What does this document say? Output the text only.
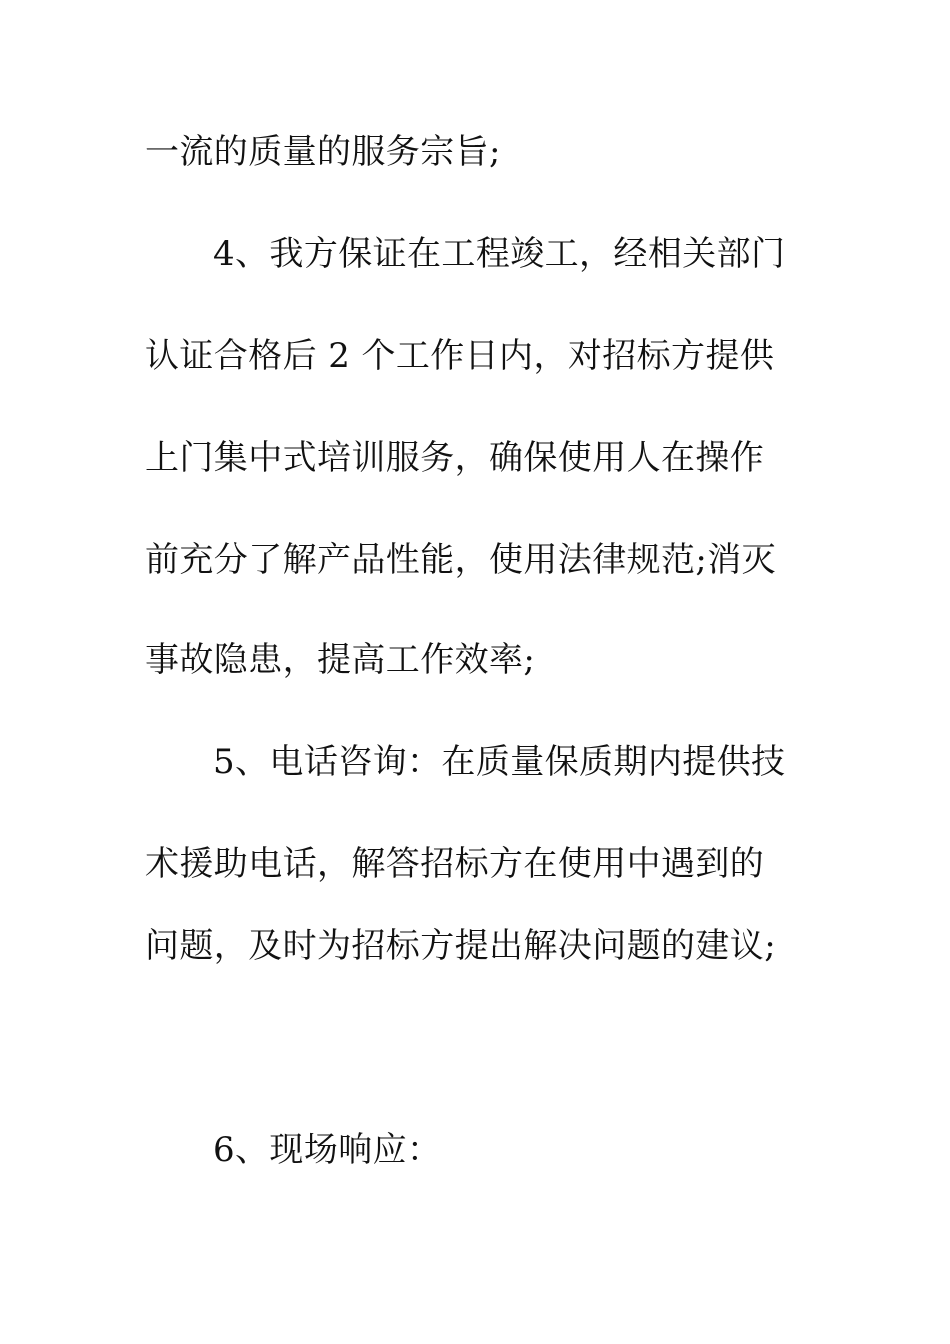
一流的质量的服务宗旨;
4、我方保证在工程竣工，经相关部门
认证合格后 2 个工作日内，对招标方提供
上门集中式培训服务，确保使用人在操作
前充分了解产品性能，使用法律规范;消灭
事故隐患，提高工作效率;
5、电话咨询：在质量保质期内提供技
术援助电话，解答招标方在使用中遇到的
问题，及时为招标方提出解决问题的建议;
6、现场响应：
